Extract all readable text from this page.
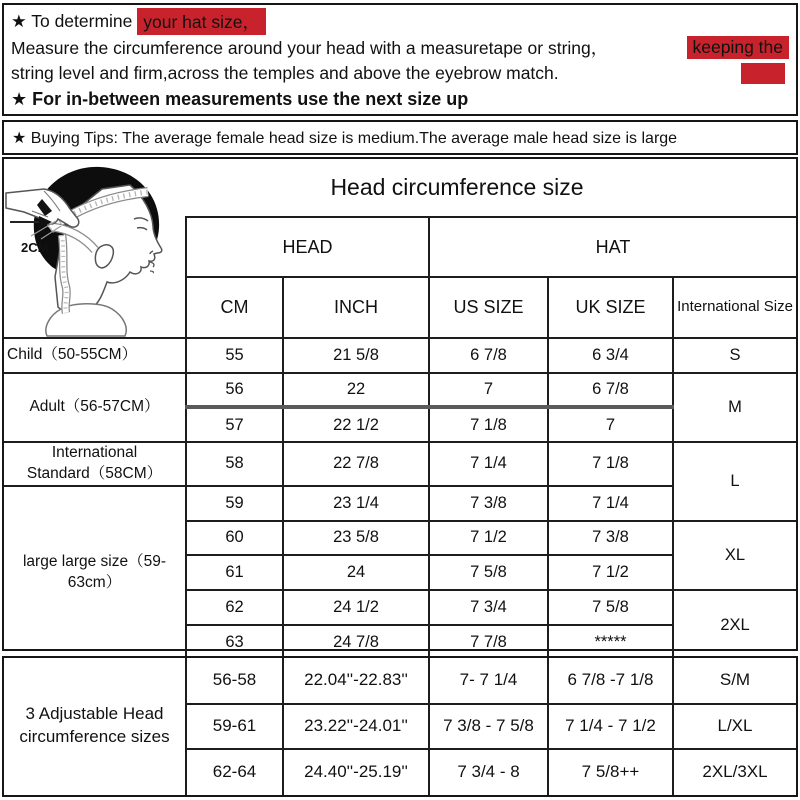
★ To determine your hat size，
Measure the circumference around your head with a measuretape or string，	keeping the
string level and firm,across the temples and above the eyebrow match.
★ For in-between measurements use the next size up
★ Buying Tips: The average female head size is medium.The average male head size is large
2CM
Head circumference size
	HEAD		HAT		
	CM	INCH	US SIZE	UK SIZE	International Size
Child（50-55CM）	55	21 5/8	6 7/8	6 3/4	S
Adult（56-57CM）	56	22	7	6 7/8	M
	57	22 1/2	7 1/8	7	

International
Standard（58CM）	58	22 7/8	7 1/4	7 1/8	L

large large size（59-
63cm）	59	23 1/4	7 3/8	7 1/4	
	60	23 5/8	7 1/2	7 3/8	XL
	61	24	7 5/8	7 1/2	
	62	24 1/2	7 3/4	7 5/8	2XL
	63	24 7/8	7 7/8	*****	
3 Adjustable Head circumference sizes	56-58	22.04''-22.83''	7- 7 1/4	6 7/8 -7 1/8	S/M
	59-61	23.22''-24.01''	7 3/8 - 7 5/8	7 1/4 - 7 1/2	L/XL
	62-64	24.40''-25.19''	7 3/4 - 8	7 5/8++	2XL/3XL
